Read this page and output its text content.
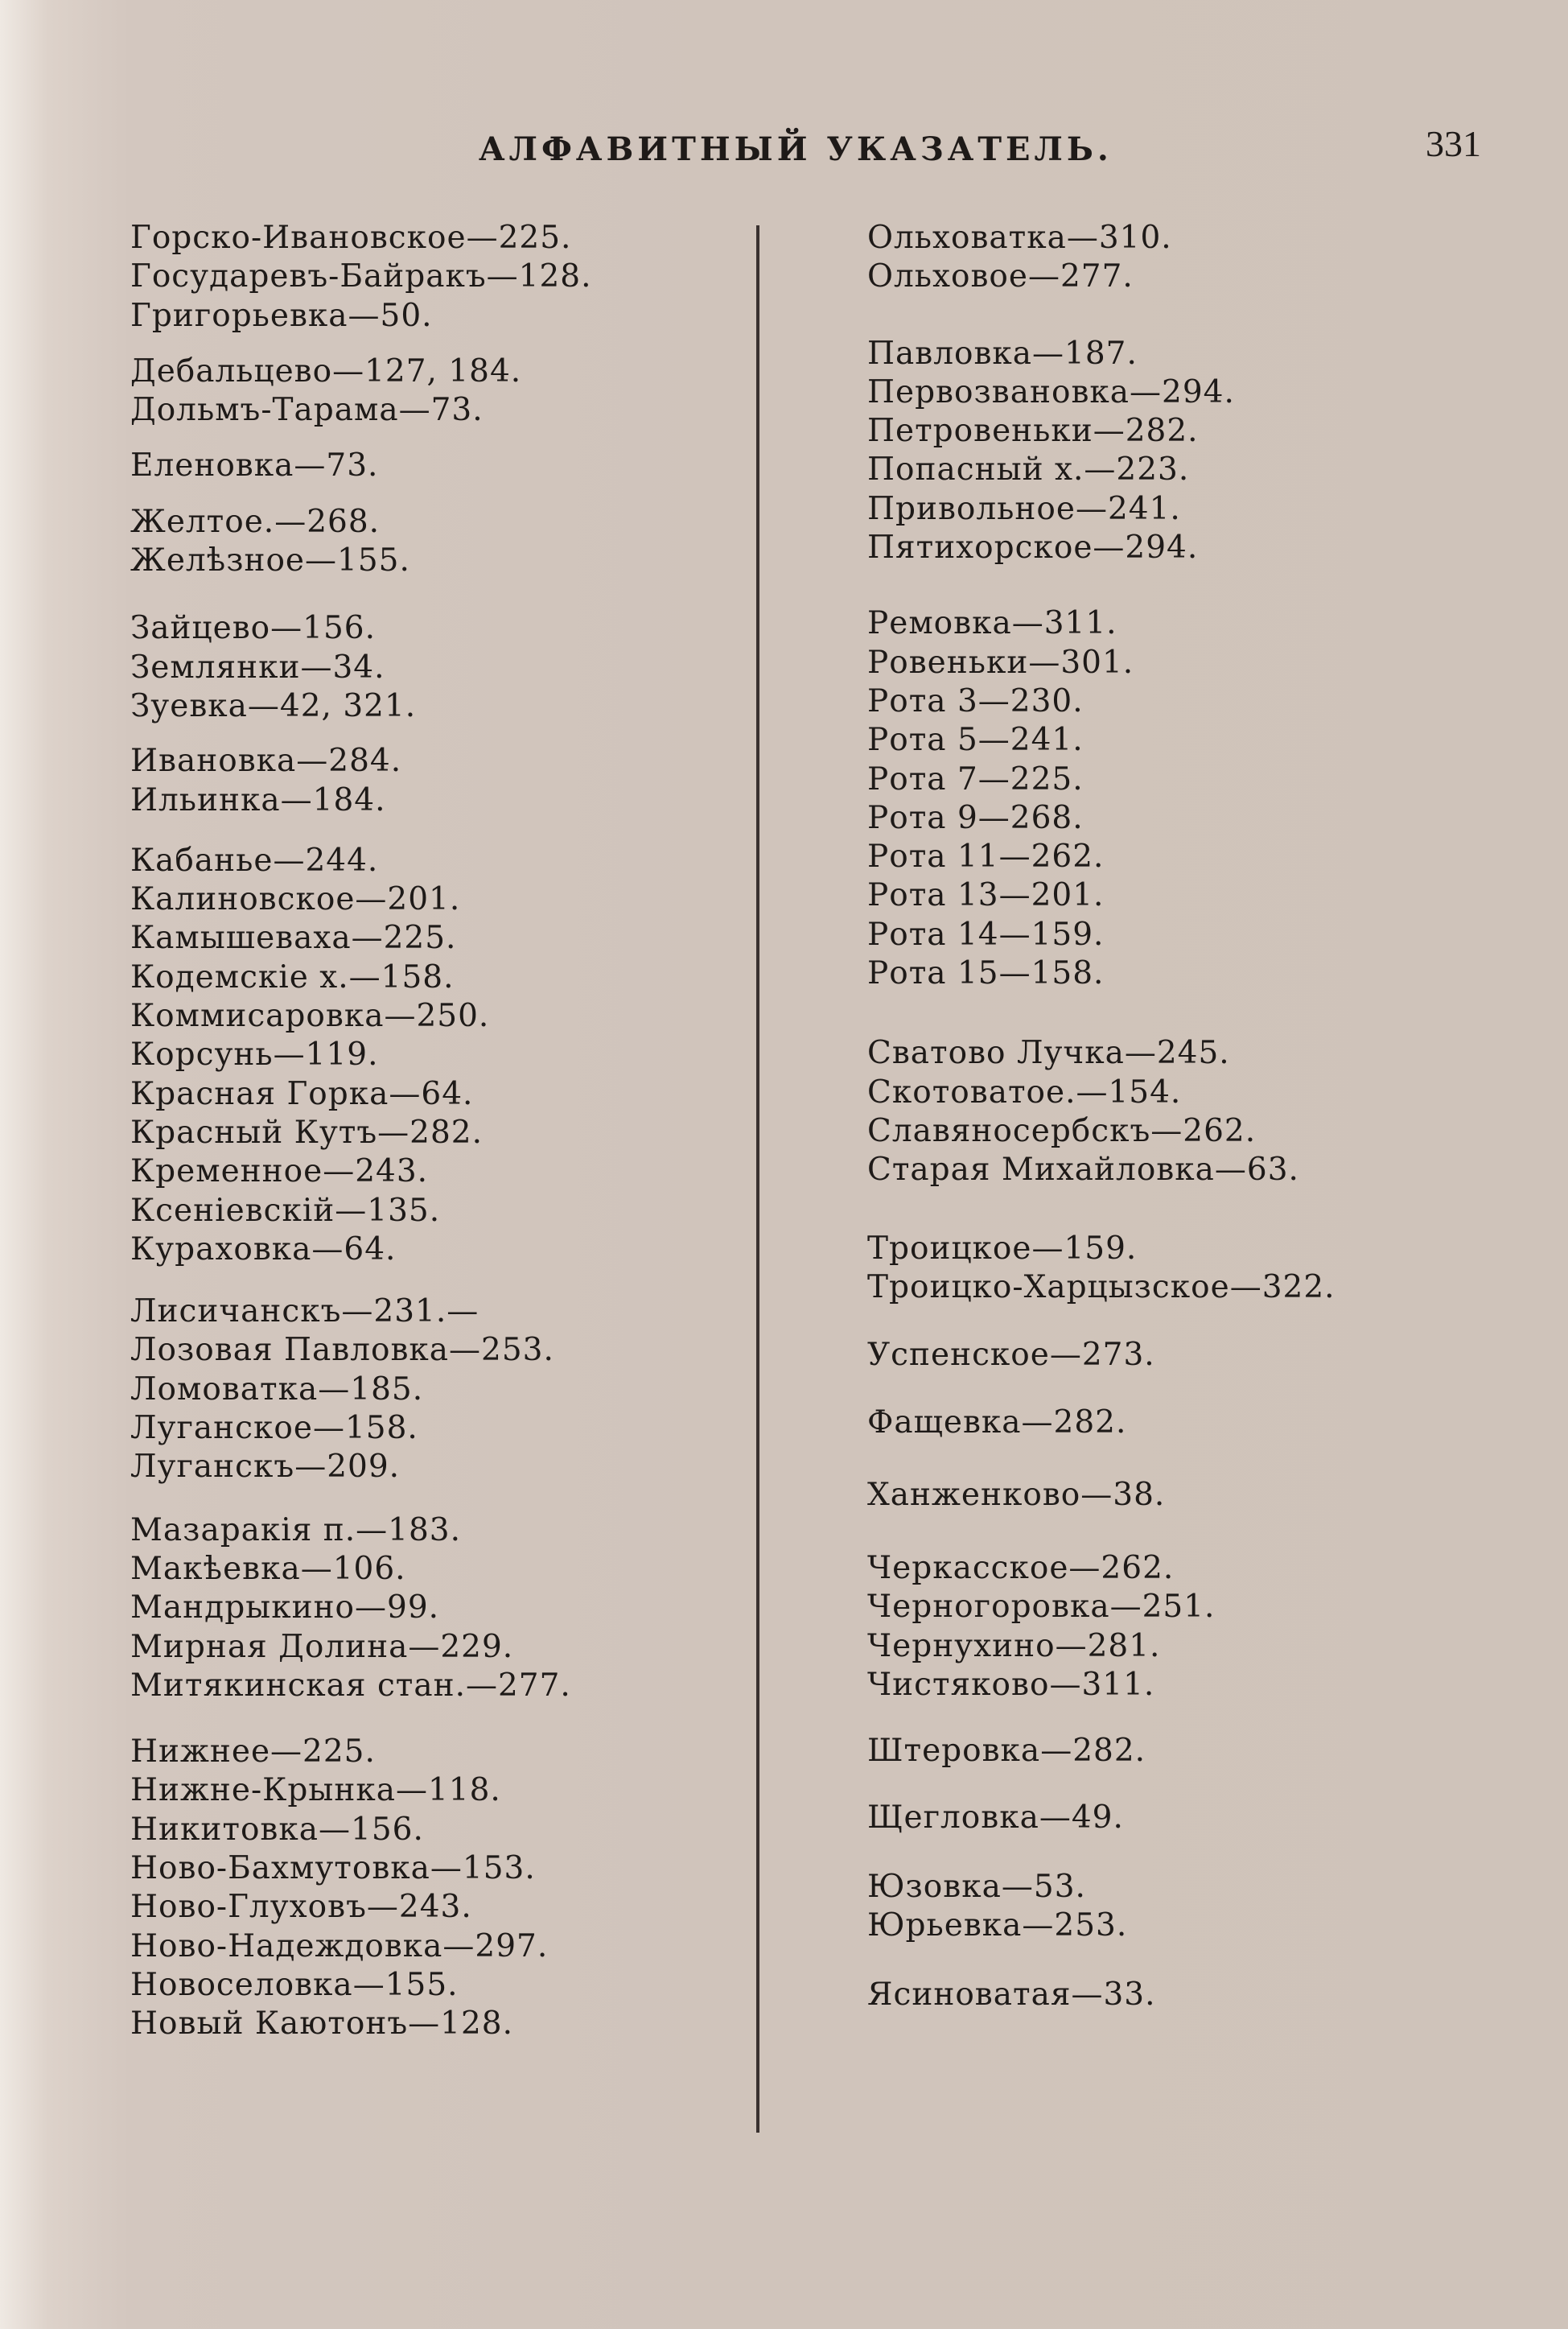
АЛФАВИТНЫЙ УКАЗАТЕЛЬ.	331
Горско-Ивановское—225.
Государевъ-Байракъ—128.
Григорьевка—50.
Дебальцево—127, 184.
Дольмъ-Тарама—73.
Еленовка—73.
Желтое.—268.
Желѣзное—155.
Зайцево—156.
Землянки—34.
Зуевка—42, 321.
Ивановка—284.
Ильинка—184.
Кабанье—244.
Калиновское—201.
Камышеваха—225.
Кодемскіе х.—158.
Коммисаровка—250.
Корсунь—119.
Красная Горка—64.
Красный Кутъ—282.
Кременное—243.
Ксеніевскій—135.
Кураховка—64.
Лисичанскъ—231.—
Лозовая Павловка—253.
Ломоватка—185.
Луганское—158.
Луганскъ—209.
Мазаракія п.—183.
Макѣевка—106.
Мандрыкино—99.
Мирная Долина—229.
Митякинская стан.—277.
Нижнее—225.
Нижне-Крынка—118.
Никитовка—156.
Ново-Бахмутовка—153.
Ново-Глуховъ—243.
Ново-Надеждовка—297.
Новоселовка—155.
Новый Каютонъ—128.
Ольховатка—310.
Ольховое—277.
Павловка—187.
Первозвановка—294.
Петровеньки—282.
Попасный х.—223.
Привольное—241.
Пятихорское—294.
Ремовка—311.
Ровеньки—301.
Рота 3—230.
Рота 5—241.
Рота 7—225.
Рота 9—268.
Рота 11—262.
Рота 13—201.
Рота 14—159.
Рота 15—158.
Сватово Лучка—245.
Скотоватое.—154.
Славяносербскъ—262.
Старая Михайловка—63.
Троицкое—159.
Троицко-Харцызское—322.
Успенское—273.
Фащевка—282.
Ханженково—38.
Черкасское—262.
Черногоровка—251.
Чернухино—281.
Чистяково—311.
Штеровка—282.
Щегловка—49.
Юзовка—53.
Юрьевка—253.
Ясиноватая—33.
